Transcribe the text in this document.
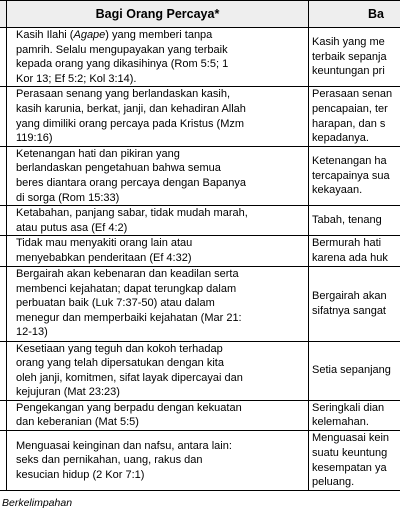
	Bagi Orang Percaya*	Ba

	Kasih Ilahi (Agape) yang memberi tanpa
pamrih. Selalu mengupayakan yang terbaik
kepada orang yang dikasihinya (Rom 5:5; 1
Kor 13; Ef 5:2; Kol 3:14).	Kasih yang me
terbaik sepanja
keuntungan pri

	Perasaan senang yang berlandaskan kasih,
kasih karunia, berkat, janji, dan kehadiran Allah
yang dimiliki orang percaya pada Kristus (Mzm
119:16)	Perasaan senan
pencapaian, ter
harapan, dan s
kepadanya.

	Ketenangan hati dan pikiran yang
berlandaskan pengetahuan bahwa semua
beres diantara orang percaya dengan Bapanya
di sorga (Rom 15:33)	Ketenangan ha
tercapainya sua
kekayaan.

	Ketabahan, panjang sabar, tidak mudah marah,
atau putus asa (Ef 4:2)	Tabah, tenang

	Tidak mau menyakiti orang lain atau
menyebabkan penderitaan (Ef 4:32)	Bermurah hati
karena ada huk

	Bergairah akan kebenaran dan keadilan serta
membenci kejahatan; dapat terungkap dalam
perbuatan baik (Luk 7:37-50) atau dalam
menegur dan memperbaiki kejahatan (Mar 21:
12-13)	Bergairah akan
sifatnya sangat

	Kesetiaan yang teguh dan kokoh terhadap
orang yang telah dipersatukan dengan kita
oleh janji, komitmen, sifat layak dipercayai dan
kejujuran (Mat 23:23)	Setia sepanjang

	Pengekangan yang berpadu dengan kekuatan
dan keberanian (Mat 5:5)	Seringkali dian
kelemahan.

	Menguasai keinginan dan nafsu, antara lain:
seks dan pernikahan, uang, rakus dan
kesucian hidup (2 Kor 7:1)	Menguasai kein
suatu keuntung
kesempatan ya
peluang.
Berkelimpahan
